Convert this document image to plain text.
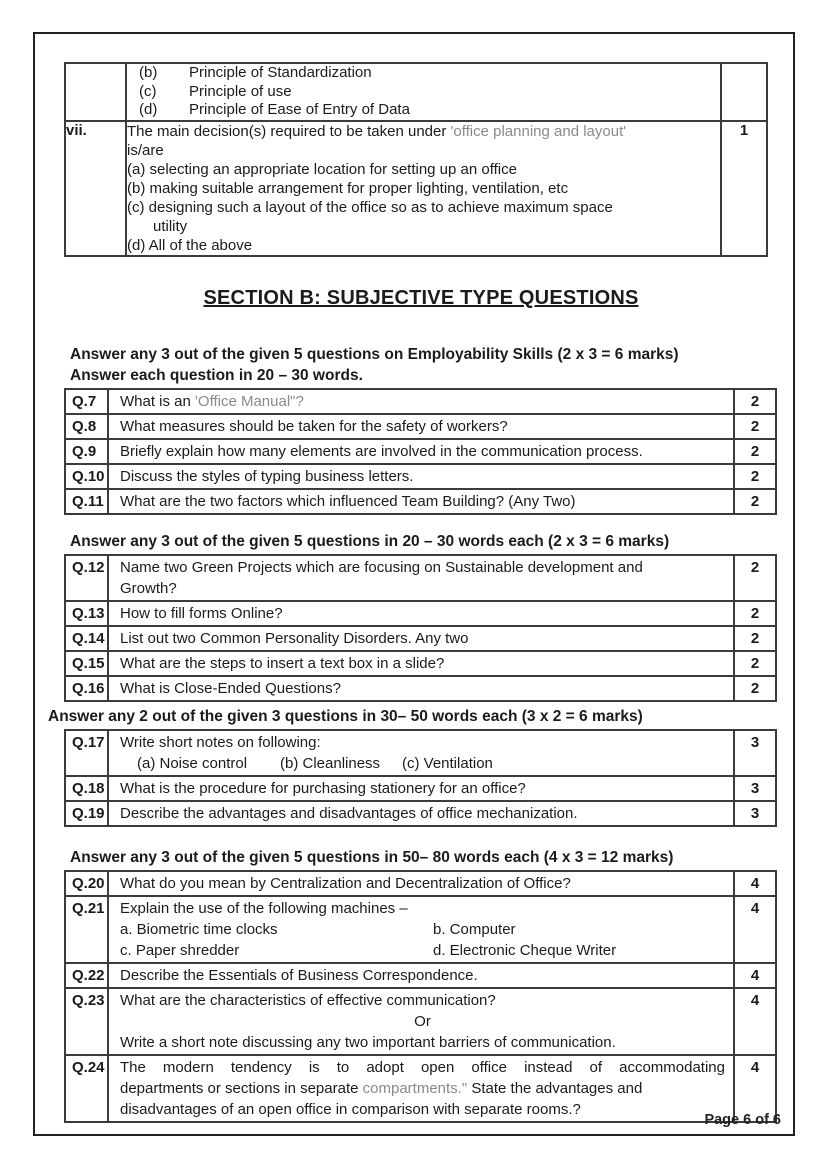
(b)	Principle of Standardization
(c)	Principle of use
(d)	Principle of Ease of Entry of Data

vii.	The main decision(s) required to be taken under 'office planning and layout'
is/are
(a) selecting an appropriate location for setting up an office
(b) making suitable arrangement for proper lighting, ventilation, etc
(c) designing such a layout of the office so as to achieve maximum space
utility
(d) All of the above
	1
SECTION B: SUBJECTIVE TYPE QUESTIONS
Answer any 3 out of the given 5 questions on Employability Skills (2 x 3 = 6 marks)
Answer each question in 20 – 30 words.
Q.7	What is an 'Office Manual"?	2
Q.8	What measures should be taken for the safety of workers?	2
Q.9	Briefly explain how many elements are involved in the communication process.	2
Q.10	Discuss the styles of typing business letters.	2
Q.11	What are the two factors which influenced Team Building? (Any Two)	2
Answer any 3 out of the given 5 questions in 20 – 30 words each (2 x 3 = 6 marks)
Q.12	Name two Green Projects which are focusing on Sustainable development and
Growth?	2
Q.13	How to fill forms Online?	2
Q.14	List out two Common Personality Disorders. Any two	2
Q.15	What are the steps to insert a text box in a slide?	2
Q.16	What is Close-Ended Questions?	2
Answer any 2 out of the given 3 questions in 30– 50 words each (3 x 2 = 6 marks)
Q.17	Write short notes on following:
(a) Noise control (b) Cleanliness (c) Ventilation	3
Q.18	What is the procedure for purchasing stationery for an office?	3
Q.19	Describe the advantages and disadvantages of office mechanization.	3
Answer any 3 out of the given 5 questions in 50– 80 words each (4 x 3 = 12 marks)
Q.20	What do you mean by Centralization and Decentralization of Office?	4
Q.21	Explain the use of the following machines –
a. Biometric time clocks b. Computer
c. Paper shredder d. Electronic Cheque Writer	4
Q.22	Describe the Essentials of Business Correspondence.	4
Q.23	What are the characteristics of effective communication?
Or
Write a short note discussing any two important barriers of communication.	4
Q.24	The modern tendency is to adopt open office instead of accommodating
departments or sections in separate compartments." State the advantages and
disadvantages of an open office in comparison with separate rooms.?	4
Page 6 of 6
